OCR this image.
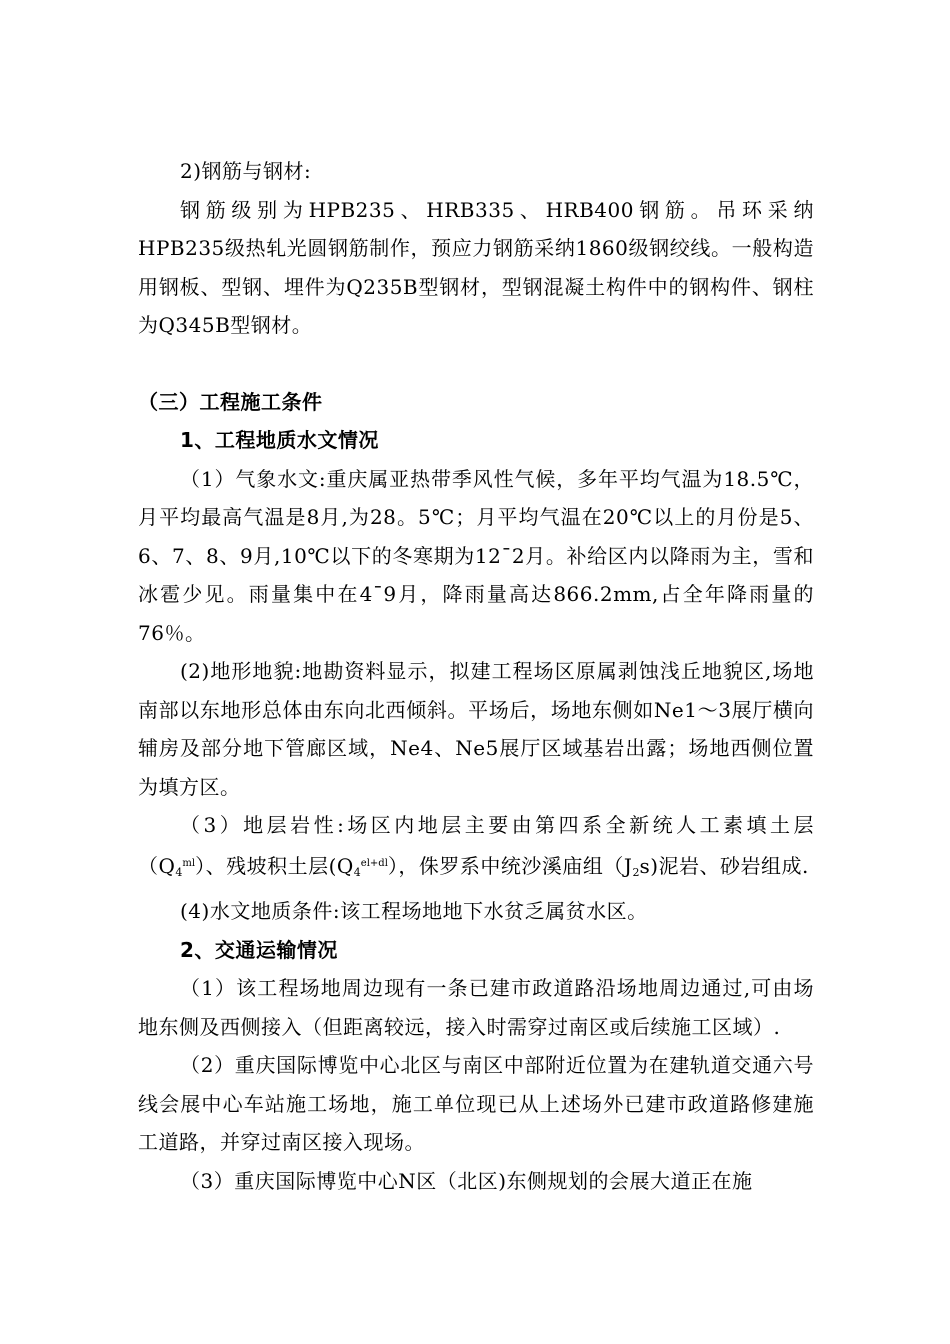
2)钢筋与钢材:

钢筋级别为HPB235、HRB335、HRB400钢筋。吊环采纳HPB235级热轧光圆钢筋制作，预应力钢筋采纳1860级钢绞线。一般构造用钢板、型钢、埋件为Q235B型钢材，型钢混凝土构件中的钢构件、钢柱为Q345B型钢材。

（三）工程施工条件

1、工程地质水文情况

（1）气象水文:重庆属亚热带季风性气候，多年平均气温为18.5℃，月平均最高气温是8月,为28。5℃；月平均气温在20℃以上的月份是5、6、7、8、9月,10℃以下的冬寒期为12¯2月。补给区内以降雨为主，雪和冰雹少见。雨量集中在4¯9月，降雨量高达866.2mm,占全年降雨量的76％。

(2)地形地貌:地勘资料显示，拟建工程场区原属剥蚀浅丘地貌区,场地南部以东地形总体由东向北西倾斜。平场后，场地东侧如Ne1～3展厅横向辅房及部分地下管廊区域，Ne4、Ne5展厅区域基岩出露；场地西侧位置为填方区。

（3）地层岩性:场区内地层主要由第四系全新统人工素填土层$(Q_4^{ml})$、残坡积土层$(Q_4^{el+dl})$，侏罗系中统沙溪庙组$(J_2s)$泥岩、砂岩组成.

(4)水文地质条件:该工程场地地下水贫乏属贫水区。

2、交通运输情况

（1）该工程场地周边现有一条已建市政道路沿场地周边通过,可由场地东侧及西侧接入（但距离较远，接入时需穿过南区或后续施工区域）.

（2）重庆国际博览中心北区与南区中部附近位置为在建轨道交通六号线会展中心车站施工场地，施工单位现已从上述场外已建市政道路修建施工道路，并穿过南区接入现场。

（3）重庆国际博览中心N区（北区)东侧规划的会展大道正在施
